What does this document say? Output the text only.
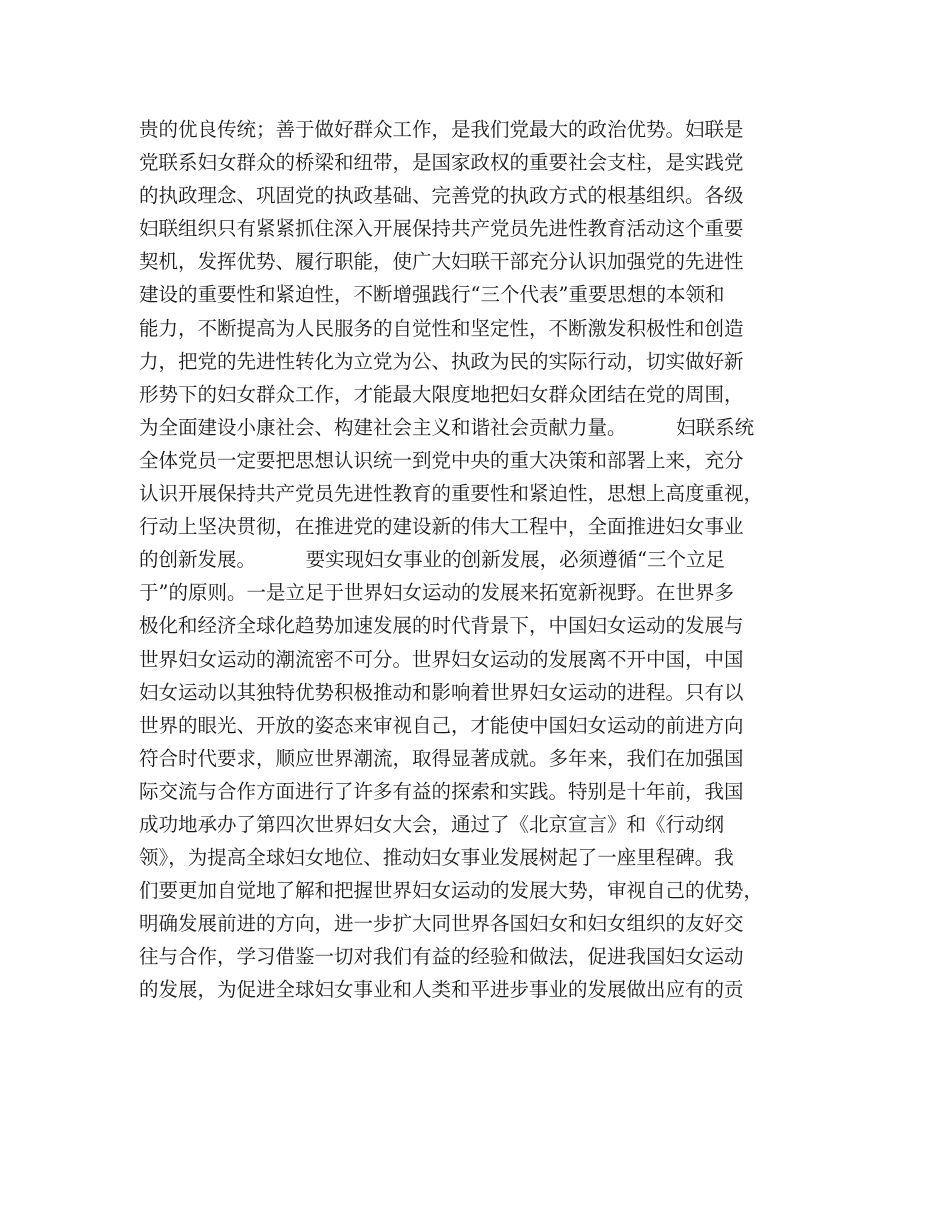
贵的优良传统；善于做好群众工作，是我们党最大的政治优势。妇联是
党联系妇女群众的桥梁和纽带，是国家政权的重要社会支柱，是实践党
的执政理念、巩固党的执政基础、完善党的执政方式的根基组织。各级
妇联组织只有紧紧抓住深入开展保持共产党员先进性教育活动这个重要
契机，发挥优势、履行职能，使广大妇联干部充分认识加强党的先进性
建设的重要性和紧迫性，不断增强践行“三个代表”重要思想的本领和
能力，不断提高为人民服务的自觉性和坚定性，不断激发积极性和创造
力，把党的先进性转化为立党为公、执政为民的实际行动，切实做好新
形势下的妇女群众工作，才能最大限度地把妇女群众团结在党的周围，
为全面建设小康社会、构建社会主义和谐社会贡献力量。        妇联系统
全体党员一定要把思想认识统一到党中央的重大决策和部署上来，充分
认识开展保持共产党员先进性教育的重要性和紧迫性，思想上高度重视，
行动上坚决贯彻，在推进党的建设新的伟大工程中，全面推进妇女事业
的创新发展。        要实现妇女事业的创新发展，必须遵循“三个立足
于”的原则。一是立足于世界妇女运动的发展来拓宽新视野。在世界多
极化和经济全球化趋势加速发展的时代背景下，中国妇女运动的发展与
世界妇女运动的潮流密不可分。世界妇女运动的发展离不开中国，中国
妇女运动以其独特优势积极推动和影响着世界妇女运动的进程。只有以
世界的眼光、开放的姿态来审视自己，才能使中国妇女运动的前进方向
符合时代要求，顺应世界潮流，取得显著成就。多年来，我们在加强国
际交流与合作方面进行了许多有益的探索和实践。特别是十年前，我国
成功地承办了第四次世界妇女大会，通过了《北京宣言》和《行动纲
领》，为提高全球妇女地位、推动妇女事业发展树起了一座里程碑。我
们要更加自觉地了解和把握世界妇女运动的发展大势，审视自己的优势，
明确发展前进的方向，进一步扩大同世界各国妇女和妇女组织的友好交
往与合作，学习借鉴一切对我们有益的经验和做法，促进我国妇女运动
的发展，为促进全球妇女事业和人类和平进步事业的发展做出应有的贡
